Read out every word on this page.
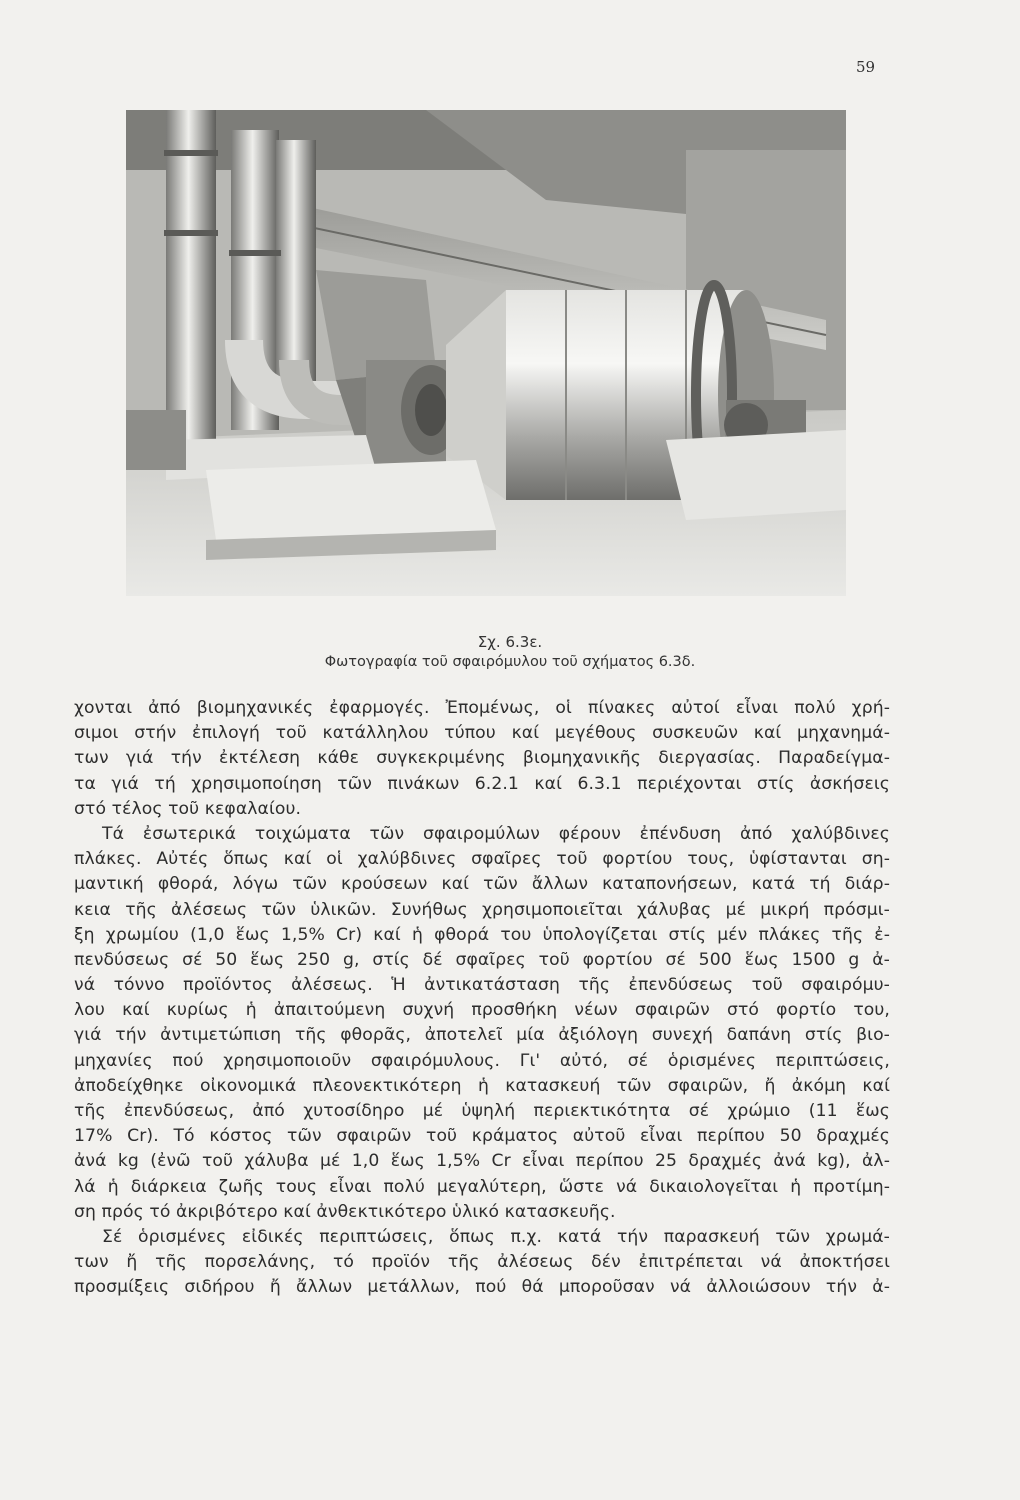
59
Σχ. 6.3ε.
Φωτογραφία τοῦ σφαιρόμυλου τοῦ σχήματος 6.3δ.
χονται ἀπό βιομηχανικές ἐφαρμογές. Ἐπομένως, οἱ πίνακες αὐτοί εἶναι πολύ χρή-
σιμοι στήν ἐπιλογή τοῦ κατάλληλου τύπου καί μεγέθους συσκευῶν καί μηχανημά-
των γιά τήν ἐκτέλεση κάθε συγκεκριμένης βιομηχανικῆς διεργασίας. Παραδείγμα-
τα γιά τή χρησιμοποίηση τῶν πινάκων 6.2.1 καί 6.3.1 περιέχονται στίς ἀσκήσεις
στό τέλος τοῦ κεφαλαίου.
Τά ἐσωτερικά τοιχώματα τῶν σφαιρομύλων φέρουν ἐπένδυση ἀπό χαλύβδινες
πλάκες. Αὐτές ὅπως καί οἱ χαλύβδινες σφαῖρες τοῦ φορτίου τους, ὑφίστανται ση-
μαντική φθορά, λόγω τῶν κρούσεων καί τῶν ἄλλων καταπονήσεων, κατά τή διάρ-
κεια τῆς ἀλέσεως τῶν ὑλικῶν. Συνήθως χρησιμοποιεῖται χάλυβας μέ μικρή πρόσμι-
ξη χρωμίου (1,0 ἕως 1,5% Cr) καί ἡ φθορά του ὑπολογίζεται στίς μέν πλάκες τῆς ἐ-
πενδύσεως σέ 50 ἕως 250 g, στίς δέ σφαῖρες τοῦ φορτίου σέ 500 ἕως 1500 g ἀ-
νά τόννο προϊόντος ἀλέσεως. Ἡ ἀντικατάσταση τῆς ἐπενδύσεως τοῦ σφαιρόμυ-
λου καί κυρίως ἡ ἀπαιτούμενη συχνή προσθήκη νέων σφαιρῶν στό φορτίο του,
γιά τήν ἀντιμετώπιση τῆς φθορᾶς, ἀποτελεῖ μία ἀξιόλογη συνεχή δαπάνη στίς βιο-
μηχανίες πού χρησιμοποιοῦν σφαιρόμυλους. Γι' αὐτό, σέ ὁρισμένες περιπτώσεις,
ἀποδείχθηκε οἰκονομικά πλεονεκτικότερη ἡ κατασκευή τῶν σφαιρῶν, ἤ ἀκόμη καί
τῆς ἐπενδύσεως, ἀπό χυτοσίδηρο μέ ὑψηλή περιεκτικότητα σέ χρώμιο (11 ἕως
17% Cr). Τό κόστος τῶν σφαιρῶν τοῦ κράματος αὐτοῦ εἶναι περίπου 50 δραχμές
ἀνά kg (ἐνῶ τοῦ χάλυβα μέ 1,0 ἕως 1,5% Cr εἶναι περίπου 25 δραχμές ἀνά kg), ἀλ-
λά ἡ διάρκεια ζωῆς τους εἶναι πολύ μεγαλύτερη, ὥστε νά δικαιολογεῖται ἡ προτίμη-
ση πρός τό ἀκριβότερο καί ἀνθεκτικότερο ὑλικό κατασκευῆς.
Σέ ὁρισμένες εἰδικές περιπτώσεις, ὅπως π.χ. κατά τήν παρασκευή τῶν χρωμά-
των ἤ τῆς πορσελάνης, τό προϊόν τῆς ἀλέσεως δέν ἐπιτρέπεται νά ἀποκτήσει
προσμίξεις σιδήρου ἤ ἄλλων μετάλλων, πού θά μποροῦσαν νά ἀλλοιώσουν τήν ἀ-
